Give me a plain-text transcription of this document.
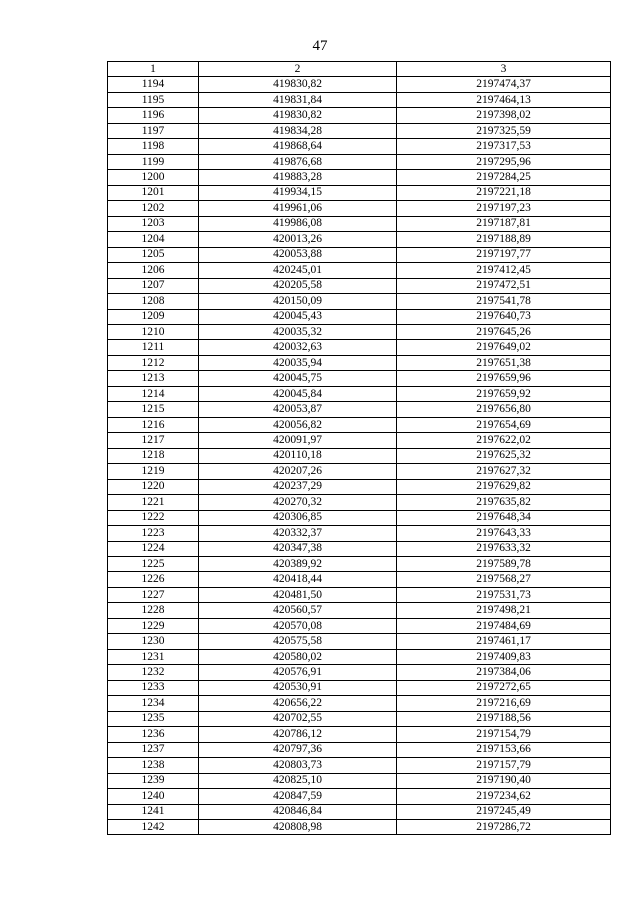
47
1	2	3
1194	419830,82	2197474,37
1195	419831,84	2197464,13
1196	419830,82	2197398,02
1197	419834,28	2197325,59
1198	419868,64	2197317,53
1199	419876,68	2197295,96
1200	419883,28	2197284,25
1201	419934,15	2197221,18
1202	419961,06	2197197,23
1203	419986,08	2197187,81
1204	420013,26	2197188,89
1205	420053,88	2197197,77
1206	420245,01	2197412,45
1207	420205,58	2197472,51
1208	420150,09	2197541,78
1209	420045,43	2197640,73
1210	420035,32	2197645,26
1211	420032,63	2197649,02
1212	420035,94	2197651,38
1213	420045,75	2197659,96
1214	420045,84	2197659,92
1215	420053,87	2197656,80
1216	420056,82	2197654,69
1217	420091,97	2197622,02
1218	420110,18	2197625,32
1219	420207,26	2197627,32
1220	420237,29	2197629,82
1221	420270,32	2197635,82
1222	420306,85	2197648,34
1223	420332,37	2197643,33
1224	420347,38	2197633,32
1225	420389,92	2197589,78
1226	420418,44	2197568,27
1227	420481,50	2197531,73
1228	420560,57	2197498,21
1229	420570,08	2197484,69
1230	420575,58	2197461,17
1231	420580,02	2197409,83
1232	420576,91	2197384,06
1233	420530,91	2197272,65
1234	420656,22	2197216,69
1235	420702,55	2197188,56
1236	420786,12	2197154,79
1237	420797,36	2197153,66
1238	420803,73	2197157,79
1239	420825,10	2197190,40
1240	420847,59	2197234,62
1241	420846,84	2197245,49
1242	420808,98	2197286,72
